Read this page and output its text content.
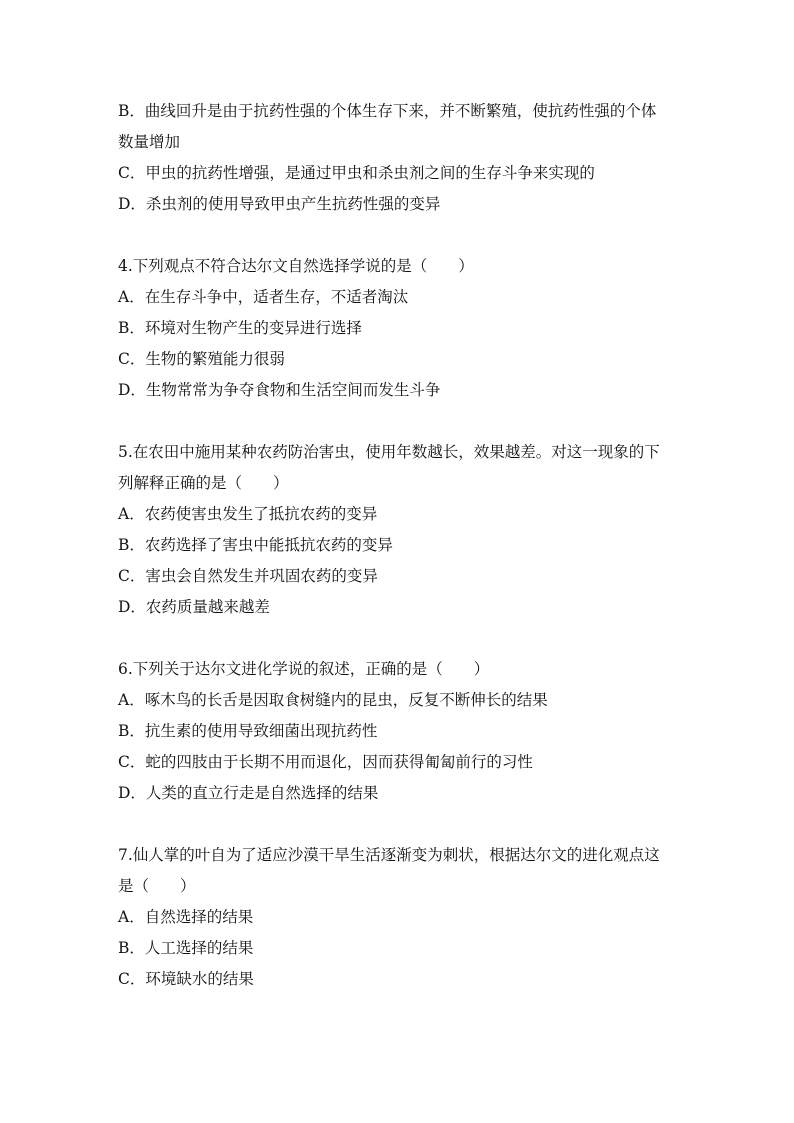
B．曲线回升是由于抗药性强的个体生存下来，并不断繁殖，使抗药性强的个体
数量增加
C．甲虫的抗药性增强，是通过甲虫和杀虫剂之间的生存斗争来实现的
D．杀虫剂的使用导致甲虫产生抗药性强的变异
4.下列观点不符合达尔文自然选择学说的是（　　）
A．在生存斗争中，适者生存，不适者淘汰
B．环境对生物产生的变异进行选择
C．生物的繁殖能力很弱
D．生物常常为争夺食物和生活空间而发生斗争
5.在农田中施用某种农药防治害虫，使用年数越长，效果越差。对这一现象的下
列解释正确的是（　　）
A．农药使害虫发生了抵抗农药的变异
B．农药选择了害虫中能抵抗农药的变异
C．害虫会自然发生并巩固农药的变异
D．农药质量越来越差
6.下列关于达尔文进化学说的叙述，正确的是（　　）
A．啄木鸟的长舌是因取食树缝内的昆虫，反复不断伸长的结果
B．抗生素的使用导致细菌出现抗药性
C．蛇的四肢由于长期不用而退化，因而获得匍匐前行的习性
D．人类的直立行走是自然选择的结果
7.仙人掌的叶自为了适应沙漠干旱生活逐渐变为刺状，根据达尔文的进化观点这
是（　　）
A．自然选择的结果
B．人工选择的结果
C．环境缺水的结果
